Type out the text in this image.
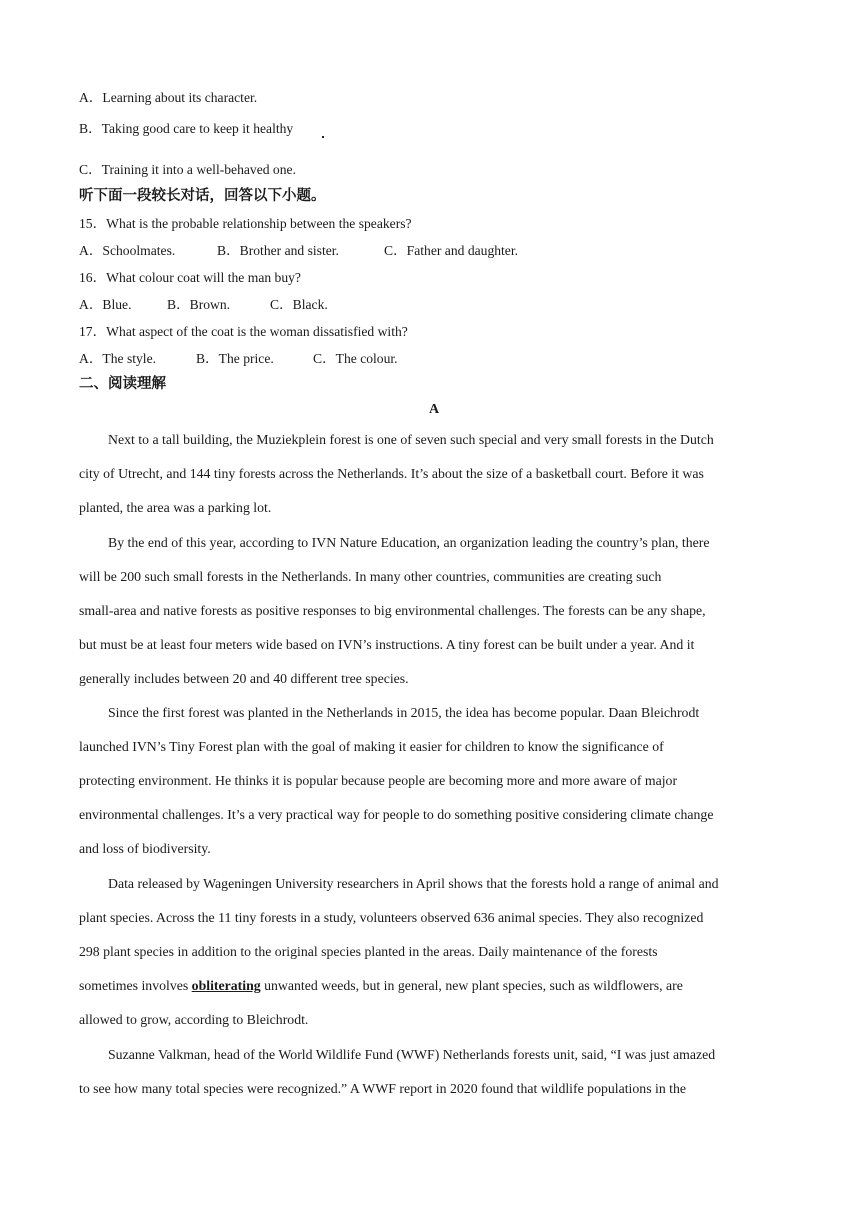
A．Learning about its character.
B．Taking good care to keep it healthy
C．Training it into a well-behaved one.
听下面一段较长对话，回答以下小题。
15．What is the probable relationship between the speakers?
A．Schoolmates.	B．Brother and sister.	C．Father and daughter.
16．What colour coat will the man buy?
A．Blue.	B．Brown.	C．Black.
17．What aspect of the coat is the woman dissatisfied with?
A．The style.	B．The price.	C．The colour.
二、阅读理解
A
Next to a tall building, the Muziekplein forest is one of seven such special and very small forests in the Dutch
city of Utrecht, and 144 tiny forests across the Netherlands. It’s about the size of a basketball court. Before it was
planted, the area was a parking lot.
By the end of this year, according to IVN Nature Education, an organization leading the country’s plan, there
will be 200 such small forests in the Netherlands. In many other countries, communities are creating such
small-area and native forests as positive responses to big environmental challenges. The forests can be any shape,
but must be at least four meters wide based on IVN’s instructions. A tiny forest can be built under a year. And it
generally includes between 20 and 40 different tree species.
Since the first forest was planted in the Netherlands in 2015, the idea has become popular. Daan Bleichrodt
launched IVN’s Tiny Forest plan with the goal of making it easier for children to know the significance of
protecting environment. He thinks it is popular because people are becoming more and more aware of major
environmental challenges. It’s a very practical way for people to do something positive considering climate change
and loss of biodiversity.
Data released by Wageningen University researchers in April shows that the forests hold a range of animal and
plant species. Across the 11 tiny forests in a study, volunteers observed 636 animal species. They also recognized
298 plant species in addition to the original species planted in the areas. Daily maintenance of the forests
sometimes involves obliterating unwanted weeds, but in general, new plant species, such as wildflowers, are
allowed to grow, according to Bleichrodt.
Suzanne Valkman, head of the World Wildlife Fund (WWF) Netherlands forests unit, said, “I was just amazed
to see how many total species were recognized.” A WWF report in 2020 found that wildlife populations in the
